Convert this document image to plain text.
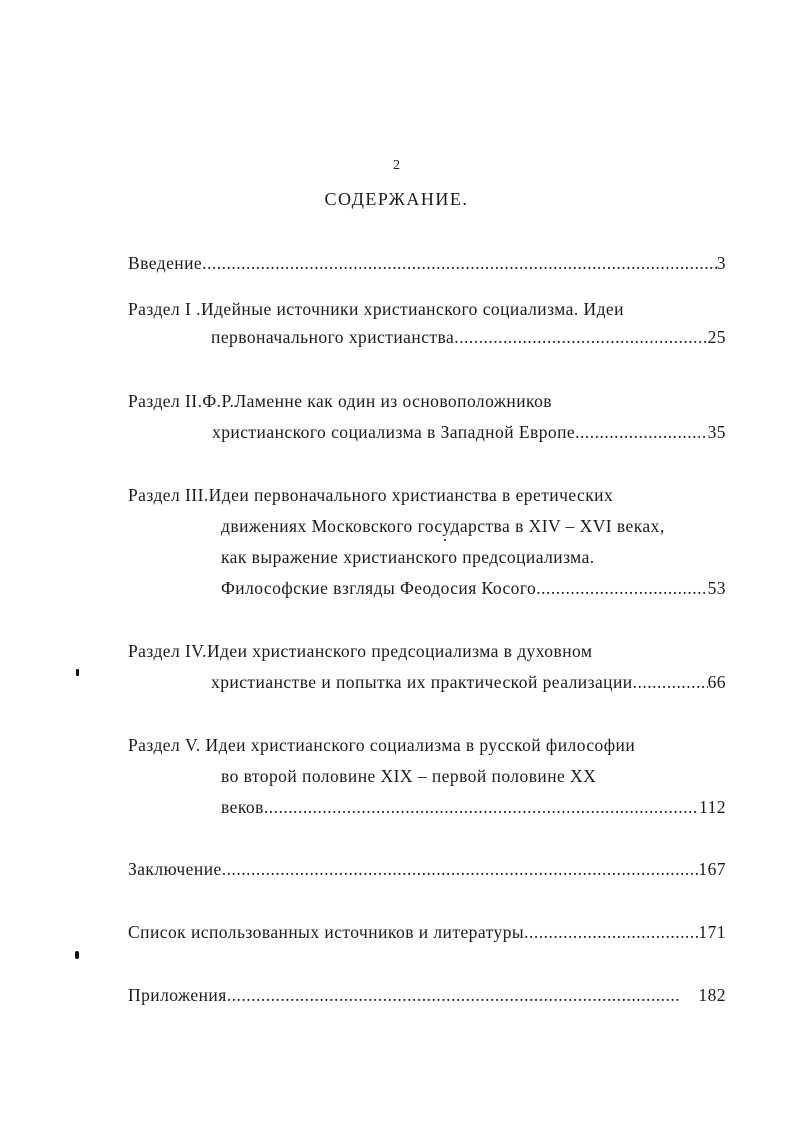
2
СОДЕРЖАНИЕ.
Введение .....	3
Раздел I .Идейные источники христианского социализма. Идеи
первоначального христианства .....	25
Раздел II.Ф.Р.Ламенне как один из основоположников
христианского социализма в Западной Европе .....	35
Раздел III.Идеи первоначального христианства в еретических
движениях Московского государства в XIV – XVI веках,
как выражение христианского предсоциализма.
Философские взгляды Феодосия Косого .....	53
Раздел IV.Идеи христианского предсоциализма в духовном
христианстве и попытка их практической реализации .....	66
Раздел V. Идеи христианского социализма в русской философии
во второй половине XIX – первой половине XX
веков .....	112
Заключение .....	167
Список использованных источников и литературы .....	171
Приложения .....	182
